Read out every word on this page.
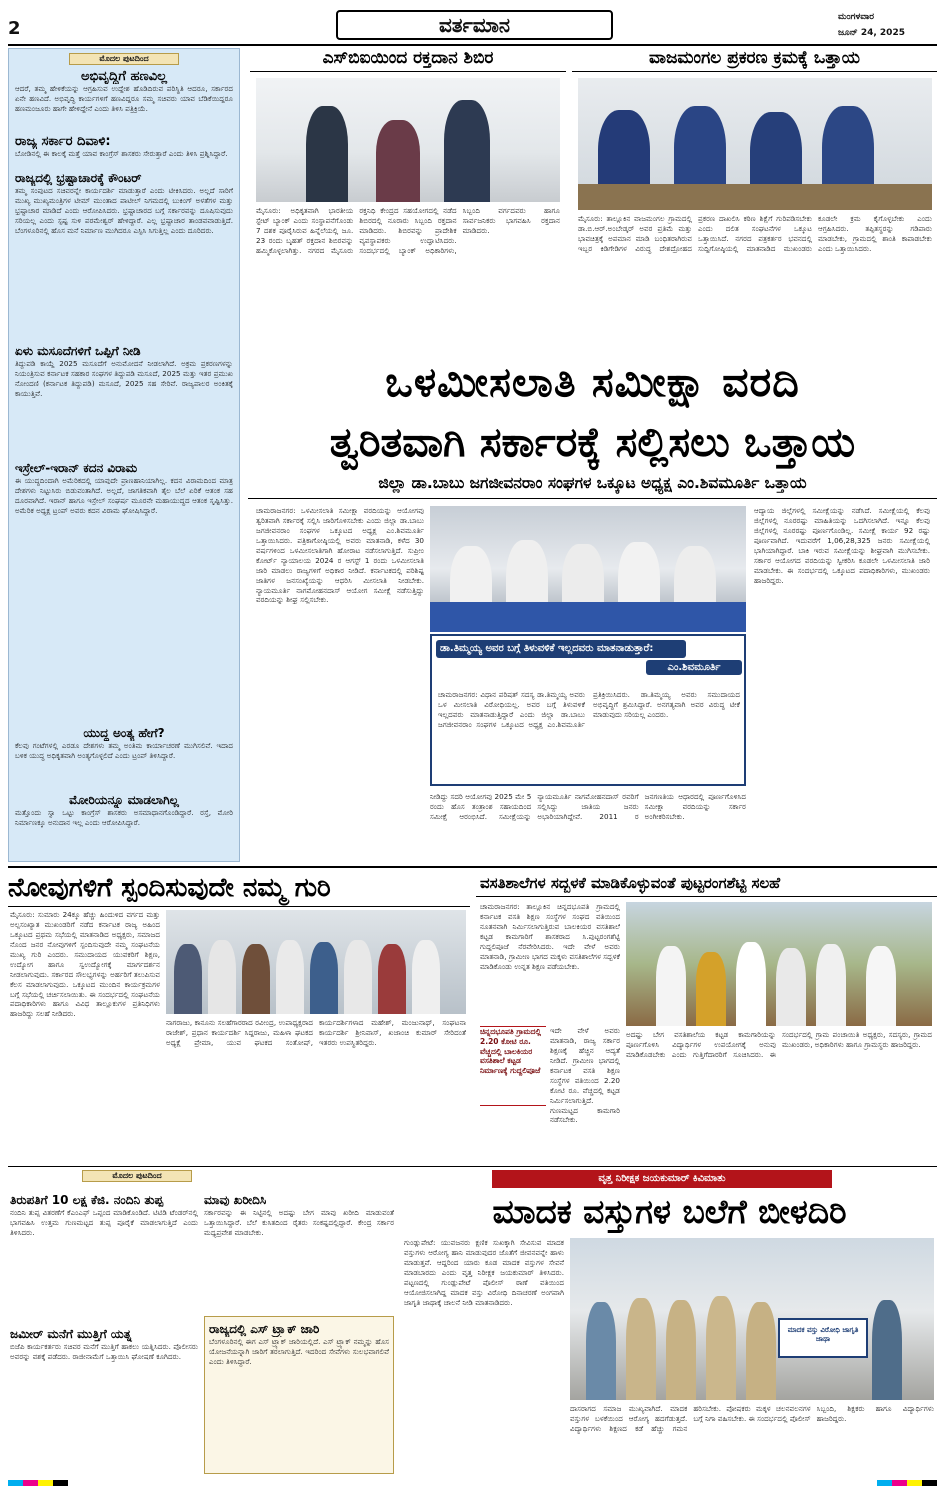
2	ವರ್ತಮಾನ	ಮಂಗಳವಾರ
ಜೂನ್ 24, 2025
ಮೊದಲ ಪುಟದಿಂದ
ಅಭಿವೃದ್ಧಿಗೆ ಹಣವಿಲ್ಲ
ಆದರೆ, ತಮ್ಮ ಹೇಳಿಕೆಯನ್ನು ಆಗ್ರಹಿಸುವ ಉದ್ದೇಶ ಹೊಡಿದಿರುವ ಪರಿಸ್ಥಿತಿ ಆದರೂ, ಸರ್ಕಾರದ ಏನೇ ಹಣವಿದೆ. ಅಭಿವೃದ್ಧಿ ಕಾರ್ಯಗಳಿಗೆ ಹಣವಿದ್ದರೂ ಸಮ್ಮ ಸಚಿವರು ಯಾವ ಬೆಡಿಕೆಯಿದ್ದರೂ ಹಣಮಂಜೂರು ಹಾಗೇ ಹೇಳಿದ್ದೇನೆ ಎಂದು ತಿಳಿಸಿ ಪತ್ರಿಕ್ರಿಯೆ.
ರಾಜ್ಯ ಸರ್ಕಾರ ದಿವಾಳಿ:
ಬೋಡಿನಲ್ಲಿ ಈ ಕಾಲಕ್ಕೆ ಮತ್ತೆ ಯಾವ ಕಾಂಗ್ರೆಸ್ ಶಾಸಕರು ಸೇರುತ್ತಾರೆ ಎಂದು ತಿಳಿಸಿ ಪ್ರಶ್ನಿಸಿದ್ದಾರೆ.
ರಾಜ್ಯದಲ್ಲಿ ಭ್ರಷ್ಟಾಚಾರಕ್ಕೆ ಕೌಂಟರ್
ತಮ್ಮ ಸಂಪುಟದ ಸಚಿವರನ್ನೇ ಕಾರ್ಯದರ್ಶಿ ಮಾಡುತ್ತಾರೆ ಎಂದು ಟೀಕಿಸಿದರು. ಅಲ್ಲದೆ ಸಾರಿಗೆ ಮುಖ್ಯ ಮುಖ್ಯಮಂತ್ರಿಗಳ ಟೀಮ್ ಮುಂತಾದ ಪಾಟೀಲ್ ನಿಗಮದಲ್ಲಿ ಬುಕಿಂಗ್ ಅಳತೆಗಳ ಮತ್ತು ಭ್ರಷ್ಟಾಚಾರ ಮಾಡಿದೆ ಎಂದು ಆರೋಪಿಸಿದರು. ಭ್ರಷ್ಟಾಚಾರದ ಬಗ್ಗೆ ಸರ್ಕಾರವನ್ನು ದೂಷಿಸುವುದು ಸರಿಯಲ್ಲ ಎಂದು ಸ್ಪಷ್ಟ ಸುಳಿ ಪರಮೇಶ್ವರ್ ಹೇಳಿದ್ದಾರೆ. ಎಲ್ಲ ಭ್ರಷ್ಟಾಚಾರ ತಾಂಡವವಾಡುತ್ತಿದೆ. ಬೆಂಗಳೂರಿನಲ್ಲಿ ಹೊಸ ಮನೆ ನಿರ್ಮಾಣ ಮುಗಿದರೂ ಎಸ್ಪಿಸಿ ಸಿಗುತ್ತಿಲ್ಲ ಎಂದು ದೂರಿದರು.
ಏಳು ಮಸೂದೆಗಳಿಗೆ ಒಪ್ಪಿಗೆ ನೀಡಿ
ತಿದ್ದುಪಡಿ ಕಾಯ್ದೆ 2025 ಮಸೂದೆಗೆ ಅನುಮೋದನೆ ನೀಡಲಾಗಿದೆ. ಅಕ್ರಮ ಪ್ರಕರಣಗಳನ್ನು ನಿಯಂತ್ರಿಸುವ ಕರ್ನಾಟಕ ಸಹಕಾರ ಸಂಘಗಳ ತಿದ್ದುಪಡಿ ಮಸೂದೆ, 2025 ಮತ್ತು ಇತರ ಪ್ರಮುಖ ನೋಂದಣಿ (ಕರ್ನಾಟಕ ತಿದ್ದುಪಡಿ) ಮಸೂದೆ, 2025 ಸಹ ಸೇರಿವೆ. ರಾಜ್ಯಪಾಲರ ಅಂಕಿತಕ್ಕೆ ಕಾಯುತ್ತಿವೆ.
ಇಸ್ರೇಲ್-ಇರಾನ್ ಕದನ ವಿರಾಮ
ಈ ಯುದ್ಧದಿಂದಾಗಿ ಅಮೆರಿಕದಲ್ಲಿ ಯಾವುದೇ ಪ್ರಾಣಹಾನಿಯಾಗಿಲ್ಲ. ಕದನ ವಿರಾಮದಿಂದ ಮಾತ್ರ ದೇಶಗಳು ನಿಟ್ಟುಸಿರು ಬಿಡುವಂತಾಗಿದೆ. ಅಲ್ಲದೆ, ಜಾಗತಿಕವಾಗಿ ತೈಲ ಬೆಲೆ ಏರಿಕೆ ಆತಂಕ ಸಹ ದೂರವಾಗಿದೆ. ಇರಾನ್ ಹಾಗೂ ಇಸ್ರೇಲ್ ಸಂಘರ್ಷ ಮೂರನೇ ಮಹಾಯುದ್ಧದ ಆತಂಕ ಸೃಷ್ಟಿಸಿತ್ತು. ಅಮೆರಿಕ ಅಧ್ಯಕ್ಷ ಟ್ರಂಪ್ ಅವರು ಕದನ ವಿರಾಮ ಘೋಷಿಸಿದ್ದಾರೆ.
ಯುದ್ಧ ಅಂತ್ಯ ಹೇಗೆ?
ಕೆಲವು ಗಂಟೆಗಳಲ್ಲಿ ಎರಡೂ ದೇಶಗಳು ತಮ್ಮ ಅಂತಿಮ ಕಾರ್ಯಾಚರಣೆ ಮುಗಿಸಲಿವೆ. ಇದಾದ ಬಳಿಕ ಯುದ್ಧ ಅಧಿಕೃತವಾಗಿ ಅಂತ್ಯಗೊಳ್ಳಲಿದೆ ಎಂದು ಟ್ರಂಪ್ ತಿಳಿಸಿದ್ದಾರೆ.
ಮೋರಿಯನ್ನೂ ಮಾಡಲಾಗಿಲ್ಲ
ಮತ್ತೊಂದು ಸ್ವಾ ಒಟ್ಟು ಕಾಂಗ್ರೆಸ್ ಶಾಸಕರು ಅಸಮಾಧಾನಗೊಂಡಿದ್ದಾರೆ. ರಸ್ತೆ, ಮೋರಿ ನಿರ್ಮಾಣಕ್ಕೂ ಅನುದಾನ ಇಲ್ಲ ಎಂದು ಆರೋಪಿಸಿದ್ದಾರೆ.
ಎಸ್‌ಬಿಐಯಿಂದ ರಕ್ತದಾನ ಶಿಬಿರ
ಮೈಸೂರು: ಅಧಿಕೃತವಾಗಿ ಭಾರತೀಯ ಸ್ಟೇಟ್ ಬ್ಯಾಂಕ್ ಎಂದು ಸಂಸ್ಥಾಪನೆಗೊಂಡು 7 ದಶಕ ಪೂರೈಸಿರುವ ಹಿನ್ನೆಲೆಯಲ್ಲಿ ಜೂ. 23 ರಂದು ಬೃಹತ್ ರಕ್ತದಾನ ಶಿಬಿರವನ್ನು ಹಮ್ಮಿಕೊಳ್ಳಲಾಗಿತ್ತು. ನಗರದ ಮೈಸೂರು ರಕ್ತನಿಧಿ ಕೇಂದ್ರದ ಸಹಯೋಗದಲ್ಲಿ ನಡೆದ ಶಿಬಿರದಲ್ಲಿ ನೂರಾರು ಸಿಬ್ಬಂದಿ ರಕ್ತದಾನ ಮಾಡಿದರು. ಶಿಬಿರವನ್ನು ಪ್ರಾದೇಶಿಕ ವ್ಯವಸ್ಥಾಪಕರು ಉದ್ಘಾಟಿಸಿದರು. ಸಂದರ್ಭದಲ್ಲಿ ಬ್ಯಾಂಕ್ ಅಧಿಕಾರಿಗಳು, ಸಿಬ್ಬಂದಿ ವರ್ಗದವರು ಹಾಗೂ ಸಾರ್ವಜನಿಕರು ಭಾಗವಹಿಸಿ ರಕ್ತದಾನ ಮಾಡಿದರು.
ವಾಜಮಂಗಲ ಪ್ರಕರಣ ಕ್ರಮಕ್ಕೆ ಒತ್ತಾಯ
ಮೈಸೂರು: ತಾಲ್ಲೂಕಿನ ವಾಜಮಂಗಲ ಗ್ರಾಮದಲ್ಲಿ ಡಾ.ಬಿ.ಆರ್.ಅಂಬೇಡ್ಕರ್ ಅವರ ಪ್ರತಿಮೆ ಮತ್ತು ಭಾವಚಿತ್ರಕ್ಕೆ ಅಪಮಾನ ಮಾಡಿ ಬಂಧಿತರಾಗಿರುವ ಇಬ್ಬರ ಕಿಡಿಗೇಡಿಗಳ ವಿರುದ್ಧ ದೇಶದ್ರೋಹದ ಪ್ರಕರಣ ದಾಖಲಿಸಿ ಕಠಿಣ ಶಿಕ್ಷೆಗೆ ಗುರಿಪಡಿಸಬೇಕು ಎಂದು ದಲಿತ ಸಂಘಟನೆಗಳ ಒಕ್ಕೂಟ ಒತ್ತಾಯಿಸಿದೆ. ನಗರದ ಪತ್ರಕರ್ತರ ಭವನದಲ್ಲಿ ಸುದ್ದಿಗೋಷ್ಠಿಯಲ್ಲಿ ಮಾತನಾಡಿದ ಮುಖಂಡರು ಕೂಡಲೇ ಕ್ರಮ ಕೈಗೊಳ್ಳಬೇಕು ಎಂದು ಆಗ್ರಹಿಸಿದರು. ತಪ್ಪಿತಸ್ಥರನ್ನು ಗಡಿಪಾರು ಮಾಡಬೇಕು, ಗ್ರಾಮದಲ್ಲಿ ಶಾಂತಿ ಕಾಪಾಡಬೇಕು ಎಂದು ಒತ್ತಾಯಿಸಿದರು.
ಒಳಮೀಸಲಾತಿ ಸಮೀಕ್ಷಾ ವರದಿ
ತ್ವರಿತವಾಗಿ ಸರ್ಕಾರಕ್ಕೆ ಸಲ್ಲಿಸಲು ಒತ್ತಾಯ
ಜಿಲ್ಲಾ ಡಾ.ಬಾಬು ಜಗಜೀವನರಾಂ ಸಂಘಗಳ ಒಕ್ಕೂಟ ಅಧ್ಯಕ್ಷ ಎಂ.ಶಿವಮೂರ್ತಿ ಒತ್ತಾಯ
ಚಾಮರಾಜನಗರ: ಒಳಮೀಸಲಾತಿ ಸಮೀಕ್ಷಾ ವರದಿಯನ್ನು ಆಯೋಗವು ತ್ವರಿತವಾಗಿ ಸರ್ಕಾರಕ್ಕೆ ಸಲ್ಲಿಸಿ ಜಾರಿಗೊಳಿಸಬೇಕು ಎಂದು ಜಿಲ್ಲಾ ಡಾ.ಬಾಬು ಜಗಜೀವನರಾಂ ಸಂಘಗಳ ಒಕ್ಕೂಟದ ಅಧ್ಯಕ್ಷ ಎಂ.ಶಿವಮೂರ್ತಿ ಒತ್ತಾಯಿಸಿದರು. ಪತ್ರಿಕಾಗೋಷ್ಠಿಯಲ್ಲಿ ಅವರು ಮಾತನಾಡಿ, ಕಳೆದ 30 ವರ್ಷಗಳಿಂದ ಒಳಮೀಸಲಾತಿಗಾಗಿ ಹೋರಾಟ ನಡೆಸಲಾಗುತ್ತಿದೆ. ಸುಪ್ರೀಂ ಕೋರ್ಟ್ ನ್ಯಾಯಾಲಯ 2024 ರ ಆಗಸ್ಟ್ 1 ರಂದು ಒಳಮೀಸಲಾತಿ ಜಾರಿ ಮಾಡಲು ರಾಜ್ಯಗಳಿಗೆ ಅಧಿಕಾರ ನೀಡಿದೆ. ಕರ್ನಾಟಕದಲ್ಲಿ ಪರಿಶಿಷ್ಟ ಜಾತಿಗಳ ಜನಸಂಖ್ಯೆಯನ್ನು ಆಧರಿಸಿ ಮೀಸಲಾತಿ ನೀಡಬೇಕು. ನ್ಯಾಯಮೂರ್ತಿ ನಾಗಮೋಹನದಾಸ್ ಆಯೋಗ ಸಮೀಕ್ಷೆ ನಡೆಸುತ್ತಿದ್ದು ವರದಿಯನ್ನು ಶೀಘ್ರ ಸಲ್ಲಿಸಬೇಕು.
ಆದ್ಯಾಯ ಜಿಲ್ಲೆಗಳಲ್ಲಿ ಸಮೀಕ್ಷೆಯನ್ನು ನಡೆಸಿದೆ. ಸಮೀಕ್ಷೆಯಲ್ಲಿ ಕೆಲವು ಜಿಲ್ಲೆಗಳಲ್ಲಿ ನೂರರಷ್ಟು ಮಾಹಿತಿಯನ್ನು ಒದಗಿಸಲಾಗಿದೆ. ಇನ್ನೂ ಕೆಲವು ಜಿಲ್ಲೆಗಳಲ್ಲಿ ನೂರರಷ್ಟು ಪೂರ್ಣಗೊಂಡಿಲ್ಲ. ಸಮೀಕ್ಷೆ ಕಾರ್ಯ 92 ರಷ್ಟು ಪೂರ್ಣವಾಗಿದೆ. ಇದುವರೆಗೆ 1,06,28,325 ಜನರು ಸಮೀಕ್ಷೆಯಲ್ಲಿ ಭಾಗಿಯಾಗಿದ್ದಾರೆ. ಬಾಕಿ ಇರುವ ಸಮೀಕ್ಷೆಯನ್ನು ಶೀಘ್ರವಾಗಿ ಮುಗಿಸಬೇಕು. ಸರ್ಕಾರ ಆಯೋಗದ ವರದಿಯನ್ನು ಸ್ವೀಕರಿಸಿ ಕೂಡಲೇ ಒಳಮೀಸಲಾತಿ ಜಾರಿ ಮಾಡಬೇಕು. ಈ ಸಂದರ್ಭದಲ್ಲಿ ಒಕ್ಕೂಟದ ಪದಾಧಿಕಾರಿಗಳು, ಮುಖಂಡರು ಹಾಜರಿದ್ದರು.
ಡಾ.ತಿಮ್ಮಯ್ಯ ಅವರ ಬಗ್ಗೆ ತಿಳುವಳಿಕೆ ಇಲ್ಲದವರು ಮಾತನಾಡುತ್ತಾರೆ:
ಎಂ.ಶಿವಮೂರ್ತಿ
ಚಾಮರಾಜನಗರ: ವಿಧಾನ ಪರಿಷತ್ ಸದಸ್ಯ ಡಾ.ತಿಮ್ಮಯ್ಯ ಅವರು ಒಳ ಮೀಸಲಾತಿ ವಿರೋಧಿಯಲ್ಲ. ಅವರ ಬಗ್ಗೆ ತಿಳುವಳಿಕೆ ಇಲ್ಲದವರು ಮಾತನಾಡುತ್ತಿದ್ದಾರೆ ಎಂದು ಜಿಲ್ಲಾ ಡಾ.ಬಾಬು ಜಗಜೀವನರಾಂ ಸಂಘಗಳ ಒಕ್ಕೂಟದ ಅಧ್ಯಕ್ಷ ಎಂ.ಶಿವಮೂರ್ತಿ ಪ್ರತಿಕ್ರಿಯಿಸಿದರು. ಡಾ.ತಿಮ್ಮಯ್ಯ ಅವರು ಸಮುದಾಯದ ಅಭಿವೃದ್ಧಿಗೆ ಶ್ರಮಿಸಿದ್ದಾರೆ. ಅನಗತ್ಯವಾಗಿ ಅವರ ವಿರುದ್ಧ ಟೀಕೆ ಮಾಡುವುದು ಸರಿಯಲ್ಲ ಎಂದರು.
ನೀಡಿದ್ದು ಸದರಿ ಆಯೋಗವು 2025 ಮೇ 5 ರಂದು ಹೊಸ ತಂತ್ರಾಂಶ ಸಹಾಯದಿಂದ ಸಮೀಕ್ಷೆ ಆರಂಭಿಸಿದೆ. ಸಮೀಕ್ಷೆಯನ್ನು ನ್ಯಾಯಮೂರ್ತಿ ನಾಗಮೋಹನದಾಸ್ ರವರಿಗೆ ಸಲ್ಲಿಸಿದ್ದು ಜಾತಿಯ ಜನರು ಅಭಾರಿಯಾಗಿದ್ದೇವೆ. 2011 ರ ಜನಗಣತಿಯ ಆಧಾರದಲ್ಲಿ ಪೂರ್ಣಗೊಳಿಸಿದ ಸಮೀಕ್ಷಾ ವರದಿಯನ್ನು ಸರ್ಕಾರ ಅಂಗೀಕರಿಸಬೇಕು.
ನೋವುಗಳಿಗೆ ಸ್ಪಂದಿಸುವುದೇ ನಮ್ಮ ಗುರಿ
ಮೈಸೂರು: ಸುಮಾರು 24ಕ್ಕೂ ಹೆಚ್ಚು ಹಿಂದುಳಿದ ವರ್ಗದ ಮತ್ತು ಅಲ್ಪಸಂಖ್ಯಾತ ಮುಖಂಡರಿಗೆ ನಡೆದ ಕರ್ನಾಟಕ ರಾಜ್ಯ ಅಹಿಂದ ಒಕ್ಕೂಟದ ಪ್ರಥಮ ಸಭೆಯಲ್ಲಿ ಮಾತನಾಡಿದ ಅಧ್ಯಕ್ಷರು, ಸಮಾಜದ ನೊಂದ ಜನರ ನೋವುಗಳಿಗೆ ಸ್ಪಂದಿಸುವುದೇ ನಮ್ಮ ಸಂಘಟನೆಯ ಮುಖ್ಯ ಗುರಿ ಎಂದರು. ಸಮುದಾಯದ ಯುವಕರಿಗೆ ಶಿಕ್ಷಣ, ಉದ್ಯೋಗ ಹಾಗೂ ಸ್ವಉದ್ಯೋಗಕ್ಕೆ ಮಾರ್ಗದರ್ಶನ ನೀಡಲಾಗುವುದು. ಸರ್ಕಾರದ ಸೌಲಭ್ಯಗಳನ್ನು ಅರ್ಹರಿಗೆ ತಲುಪಿಸುವ ಕೆಲಸ ಮಾಡಲಾಗುವುದು. ಒಕ್ಕೂಟದ ಮುಂದಿನ ಕಾರ್ಯಕ್ರಮಗಳ ಬಗ್ಗೆ ಸಭೆಯಲ್ಲಿ ಚರ್ಚಿಸಲಾಯಿತು. ಈ ಸಂದರ್ಭದಲ್ಲಿ ಸಂಘಟನೆಯ ಪದಾಧಿಕಾರಿಗಳು ಹಾಗೂ ವಿವಿಧ ತಾಲ್ಲೂಕುಗಳ ಪ್ರತಿನಿಧಿಗಳು ಹಾಜರಿದ್ದು ಸಲಹೆ ನೀಡಿದರು.
ನಾಗರಾಜು, ಕಾನೂನು ಸಲಹೆಗಾರರಾದ ರವೀಂದ್ರ, ಉಪಾಧ್ಯಕ್ಷರಾದ ರಾಜೇಶ್, ಪ್ರಧಾನ ಕಾರ್ಯದರ್ಶಿ ಸಿದ್ದರಾಜು, ಮಹಿಳಾ ಘಟಕದ ಅಧ್ಯಕ್ಷೆ ಪ್ರೇಮಾ, ಯುವ ಘಟಕದ ಸಂತೋಷ್, ಕಾರ್ಯದರ್ಶಿಗಳಾದ ಮಹೇಶ್, ಮಂಜುನಾಥ್, ಸಂಘಟನಾ ಕಾರ್ಯದರ್ಶಿ ಶ್ರೀನಿವಾಸ್, ಖಜಾಂಚಿ ಕುಮಾರ್ ಸೇರಿದಂತೆ ಇತರರು ಉಪಸ್ಥಿತರಿದ್ದರು.
ವಸತಿಶಾಲೆಗಳ ಸದ್ಬಳಕೆ ಮಾಡಿಕೊಳ್ಳುವಂತೆ ಪುಟ್ಟರಂಗಶೆಟ್ಟಿ ಸಲಹೆ
ಚಾಮರಾಜನಗರ: ತಾಲ್ಲೂಕಿನ ಚಿನ್ನದಭೂಪತಿ ಗ್ರಾಮದಲ್ಲಿ ಕರ್ನಾಟಕ ವಸತಿ ಶಿಕ್ಷಣ ಸಂಸ್ಥೆಗಳ ಸಂಘದ ವತಿಯಿಂದ ನೂತನವಾಗಿ ನಿರ್ಮಿಸಲಾಗುತ್ತಿರುವ ಬಾಲಕಿಯರ ವಸತಿಶಾಲೆ ಕಟ್ಟಡ ಕಾಮಗಾರಿಗೆ ಶಾಸಕರಾದ ಸಿ.ಪುಟ್ಟರಂಗಶೆಟ್ಟಿ ಗುದ್ದಲಿಪೂಜೆ ನೆರವೇರಿಸಿದರು. ಇದೇ ವೇಳೆ ಅವರು ಮಾತನಾಡಿ, ಗ್ರಾಮೀಣ ಭಾಗದ ಮಕ್ಕಳು ವಸತಿಶಾಲೆಗಳ ಸದ್ಬಳಕೆ ಮಾಡಿಕೊಂಡು ಉನ್ನತ ಶಿಕ್ಷಣ ಪಡೆಯಬೇಕು.
ಚಿನ್ನದಭೂಪತಿ ಗ್ರಾಮದಲ್ಲಿ 2.20 ಕೋಟಿ ರೂ. ವೆಚ್ಚದಲ್ಲಿ ಬಾಲಕಿಯರ ವಸತಿಶಾಲೆ ಕಟ್ಟಡ ನಿರ್ಮಾಣಕ್ಕೆ ಗುದ್ದಲಿಪೂಜೆ
ಇದೇ ವೇಳೆ ಅವರು ಮಾತನಾಡಿ, ರಾಜ್ಯ ಸರ್ಕಾರ ಶಿಕ್ಷಣಕ್ಕೆ ಹೆಚ್ಚಿನ ಆದ್ಯತೆ ನೀಡಿದೆ. ಗ್ರಾಮೀಣ ಭಾಗದಲ್ಲಿ ಕರ್ನಾಟಕ ವಸತಿ ಶಿಕ್ಷಣ ಸಂಸ್ಥೆಗಳ ವತಿಯಿಂದ 2.20 ಕೋಟಿ ರೂ. ವೆಚ್ಚದಲ್ಲಿ ಕಟ್ಟಡ ನಿರ್ಮಿಸಲಾಗುತ್ತಿದೆ. ಗುಣಮಟ್ಟದ ಕಾಮಗಾರಿ ನಡೆಸಬೇಕು.
ಅದಷ್ಟು ಬೇಗ ವಸತಿಶಾಲೆಯ ಕಟ್ಟಡ ಕಾಮಗಾರಿಯನ್ನು ಪೂರ್ಣಗೊಳಿಸಿ ವಿದ್ಯಾರ್ಥಿಗಳ ಉಪಯೋಗಕ್ಕೆ ಅನುವು ಮಾಡಿಕೊಡಬೇಕು ಎಂದು ಗುತ್ತಿಗೆದಾರರಿಗೆ ಸೂಚಿಸಿದರು. ಈ ಸಂದರ್ಭದಲ್ಲಿ ಗ್ರಾಮ ಪಂಚಾಯಿತಿ ಅಧ್ಯಕ್ಷರು, ಸದಸ್ಯರು, ಗ್ರಾಮದ ಮುಖಂಡರು, ಅಧಿಕಾರಿಗಳು ಹಾಗೂ ಗ್ರಾಮಸ್ಥರು ಹಾಜರಿದ್ದರು.
ಮೊದಲ ಪುಟದಿಂದ
ತಿರುಪತಿಗೆ 10 ಲಕ್ಷ ಕೆಜಿ. ನಂದಿನಿ ತುಪ್ಪ
ನಂದಿನಿ ತುಪ್ಪ ವಿತರಣೆಗೆ ಕೆಎಂಎಫ್ ಒಪ್ಪಂದ ಮಾಡಿಕೊಂಡಿದೆ. ಟಿಟಿಡಿ ಟೆಂಡರ್‌ನಲ್ಲಿ ಭಾಗವಹಿಸಿ ಉತ್ತಮ ಗುಣಮಟ್ಟದ ತುಪ್ಪ ಪೂರೈಕೆ ಮಾಡಲಾಗುತ್ತಿದೆ ಎಂದು ತಿಳಿಸಿದರು.
ಜಮೀರ್ ಮನೆಗೆ ಮುತ್ತಿಗೆ ಯತ್ನ
ಬಿಜೆಪಿ ಕಾರ್ಯಕರ್ತರು ಸಚಿವರ ಮನೆಗೆ ಮುತ್ತಿಗೆ ಹಾಕಲು ಯತ್ನಿಸಿದರು. ಪೊಲೀಸರು ಅವರನ್ನು ವಶಕ್ಕೆ ಪಡೆದರು. ರಾಜೀನಾಮೆಗೆ ಒತ್ತಾಯಿಸಿ ಘೋಷಣೆ ಕೂಗಿದರು.
ಮಾವು ಖರೀದಿಸಿ
ಸರ್ಕಾರವನ್ನು ಈ ನಿಟ್ಟಿನಲ್ಲಿ ಅದಷ್ಟು ಬೇಗ ಮಾವು ಖರೀದಿ ಮಾಡುವಂತೆ ಒತ್ತಾಯಿಸಿದ್ದಾರೆ. ಬೆಲೆ ಕುಸಿತದಿಂದ ರೈತರು ಸಂಕಷ್ಟದಲ್ಲಿದ್ದಾರೆ. ಕೇಂದ್ರ ಸರ್ಕಾರ ಮಧ್ಯಪ್ರವೇಶ ಮಾಡಬೇಕು.
ರಾಜ್ಯದಲ್ಲಿ ಎಸ್ ಟ್ರ್ಯಾಕ್ ಜಾರಿ
ಬೆಂಗಳೂರಿನಲ್ಲಿ ಈಗ ಎಸ್ ಟ್ರ್ಯಾಕ್ ಜಾರಿಯಲ್ಲಿದೆ. ಎಸ್ ಟ್ರ್ಯಾಕ್ ನಮ್ಮನ್ನು ಹೊಸ ಯೋಜನೆಯನ್ನಾಗಿ ಜಾರಿಗೆ ತರಲಾಗುತ್ತಿದೆ. ಇದರಿಂದ ಸೇವೆಗಳು ಸುಲಭವಾಗಲಿವೆ ಎಂದು ತಿಳಿಸಿದ್ದಾರೆ.
ವೃತ್ತ ನಿರೀಕ್ಷಕ ಜಯಕುಮಾರ್ ಕಿವಿಮಾತು
ಮಾದಕ ವಸ್ತುಗಳ ಬಲೆಗೆ ಬೀಳದಿರಿ
ಗುಂಡ್ಲುಪೇಟೆ: ಯುವಜನರು ಕ್ಷಣಿಕ ಸುಖಕ್ಕಾಗಿ ಸೇವಿಸುವ ಮಾದಕ ವಸ್ತುಗಳು ಆರೋಗ್ಯ ಹಾನಿ ಮಾಡುವುದರ ಜೊತೆಗೆ ಜೀವನವನ್ನೇ ಹಾಳು ಮಾಡುತ್ತವೆ. ಆದ್ದರಿಂದ ಯಾರು ಕೂಡ ಮಾದಕ ವಸ್ತುಗಳ ಸೇವನೆ ಮಾಡಬಾರದು ಎಂದು ವೃತ್ತ ನಿರೀಕ್ಷಕ ಜಯಕುಮಾರ್ ತಿಳಿಸಿದರು. ಪಟ್ಟಣದಲ್ಲಿ ಗುಂಡ್ಲುಪೇಟೆ ಪೊಲೀಸ್ ಠಾಣೆ ವತಿಯಿಂದ ಆಯೋಜಿಸಲಾಗಿದ್ದ ಮಾದಕ ವಸ್ತು ವಿರೋಧಿ ದಿನಾಚರಣೆ ಅಂಗವಾಗಿ ಜಾಗೃತಿ ಜಾಥಾಕ್ಕೆ ಚಾಲನೆ ನೀಡಿ ಮಾತನಾಡಿದರು.
ಮಾದಕ ವಸ್ತು ವಿರೋಧಿ ಜಾಗೃತಿ ಜಾಥಾ
ದಾಸರಾಗದ ಸಮಾಜ ಮುಖ್ಯವಾಗಿದೆ. ಮಾದಕ ವಸ್ತುಗಳ ಬಳಕೆಯಿಂದ ಆರೋಗ್ಯ ಹದಗೆಡುತ್ತದೆ. ವಿದ್ಯಾರ್ಥಿಗಳು ಶಿಕ್ಷಣದ ಕಡೆ ಹೆಚ್ಚು ಗಮನ ಹರಿಸಬೇಕು. ಪೋಷಕರು ಮಕ್ಕಳ ಚಲನವಲನಗಳ ಬಗ್ಗೆ ನಿಗಾ ವಹಿಸಬೇಕು. ಈ ಸಂದರ್ಭದಲ್ಲಿ ಪೊಲೀಸ್ ಸಿಬ್ಬಂದಿ, ಶಿಕ್ಷಕರು ಹಾಗೂ ವಿದ್ಯಾರ್ಥಿಗಳು ಹಾಜರಿದ್ದರು.
